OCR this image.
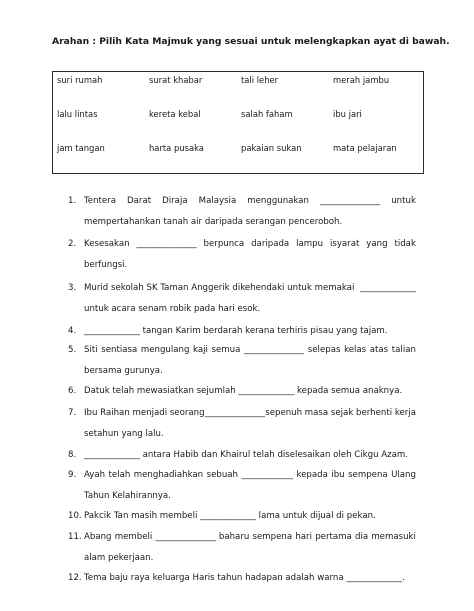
Arahan : Pilih Kata Majmuk yang sesuai untuk melengkapkan ayat di bawah.
suri rumah	surat khabar	tali leher	merah jambu
lalu lintas	kereta kebal	salah faham	ibu jari
jam tangan	harta pusaka	pakaian sukan	mata pelajaran
1. Tentera Darat Diraja Malaysia menggunakan ______________ untuk
mempertahankan tanah air daripada serangan penceroboh.
2. Kesesakan ______________ berpunca daripada lampu isyarat yang tidak
berfungsi.
3. Murid sekolah SK Taman Anggerik dikehendaki untuk memakai _____________
untuk acara senam robik pada hari esok.
4. _____________ tangan Karim berdarah kerana terhiris pisau yang tajam.
5. Siti sentiasa mengulang kaji semua ______________ selepas kelas atas talian
bersama gurunya.
6. Datuk telah mewasiatkan sejumlah _____________ kepada semua anaknya.
7. Ibu Raihan menjadi seorang ______________ sepenuh masa sejak berhenti kerja
setahun yang lalu.
8. _____________ antara Habib dan Khairul telah diselesaikan oleh Cikgu Azam.
9. Ayah telah menghadiahkan sebuah ____________ kepada ibu sempena Ulang
Tahun Kelahirannya.
10. Pakcik Tan masih membeli _____________ lama untuk dijual di pekan.
11. Abang membeli ______________ baharu sempena hari pertama dia memasuki
alam pekerjaan.
12. Tema baju raya keluarga Haris tahun hadapan adalah warna _____________.
